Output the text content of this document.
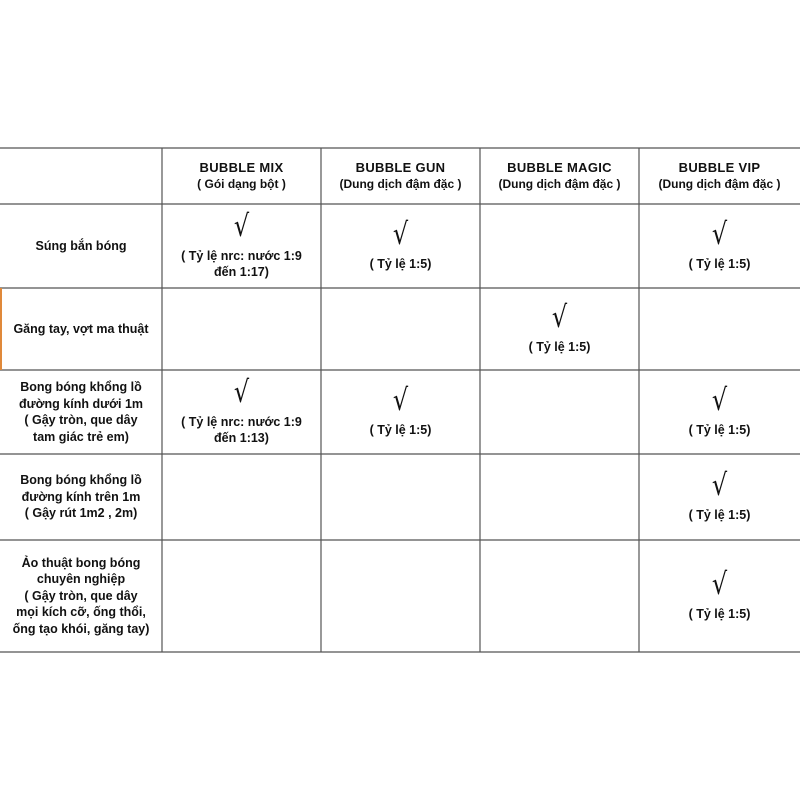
BUBBLE MIX
( Gói dạng bột )
BUBBLE GUN
(Dung dịch đậm đặc )
BUBBLE MAGIC
(Dung dịch đậm đặc )
BUBBLE VIP
(Dung dịch đậm đặc )
Súng bắn bóng
√
( Tỷ lệ nrc: nước 1:9
đến 1:17)
√
( Tỷ lệ 1:5)
√
( Tỷ lệ 1:5)
Găng tay, vợt ma thuật	√
( Tỷ lệ 1:5)
Bong bóng khổng lồ
đường kính dưới 1m
( Gậy tròn, que dây
tam giác trẻ em)
√
( Tỷ lệ nrc: nước 1:9
đến 1:13)
√
( Tỷ lệ 1:5)
√
( Tỷ lệ 1:5)
Bong bóng khổng lồ
đường kính trên 1m
( Gậy rút 1m2 , 2m)
√
( Tỷ lệ 1:5)
Ảo thuật bong bóng
chuyên nghiệp
( Gậy tròn, que dây
mọi kích cỡ, ống thổi,
ống tạo khói, găng tay)
√
( Tỷ lệ 1:5)
